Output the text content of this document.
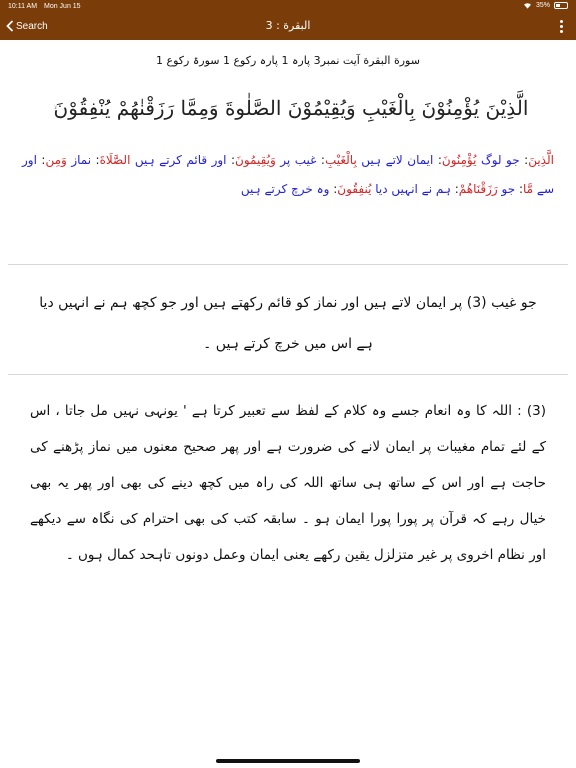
10:11 AM Mon Jun 15	35%
Search	البقرة : 3
سورة البقرة آیت نمبر3 پارہ 1 پارہ رکوع 1 سورۃ رکوع 1
الَّذِيْنَ يُؤْمِنُوْنَ بِالْغَيْبِ وَيُقِيْمُوْنَ الصَّلٰوةَ وَمِمَّا رَزَقْنٰهُمْ يُنْفِقُوْنَ
الَّذِينَ: جو لوگ يُؤْمِنُونَ: ایمان لاتے ہیں بِالْغَيْبِ: غیب پر وَيُقِيمُونَ: اور قائم کرتے ہیں الصَّلَاةَ: نماز وَمِن: اور سے مَّا: جو رَزَقْنَاهُمْ: ہم نے انہیں دیا يُنفِقُونَ: وہ خرچ کرتے ہیں
جو غیب (3) پر ایمان لاتے ہیں اور نماز کو قائم رکھتے ہیں اور جو کچھ ہم نے انہیں دیا ہے اس میں خرچ کرتے ہیں ۔
(3) : اللہ کا وہ انعام جسے وہ کلام کے لفظ سے تعبیر کرتا ہے ' یونہی نہیں مل جاتا ، اس کے لئے تمام مغیبات پر ایمان لانے کی ضرورت ہے اور پھر صحیح معنوں میں نماز پڑھنے کی حاجت ہے اور اس کے ساتھ ہی ساتھ اللہ کی راہ میں کچھ دینے کی بھی اور پھر یہ بھی خیال رہے کہ قرآن پر پورا پورا ایمان ہو ۔ سابقہ کتب کی بھی احترام کی نگاہ سے دیکھے اور نظام اخروی پر غیر متزلزل یقین رکھے یعنی ایمان وعمل دونوں تاہحد کمال ہوں ۔
